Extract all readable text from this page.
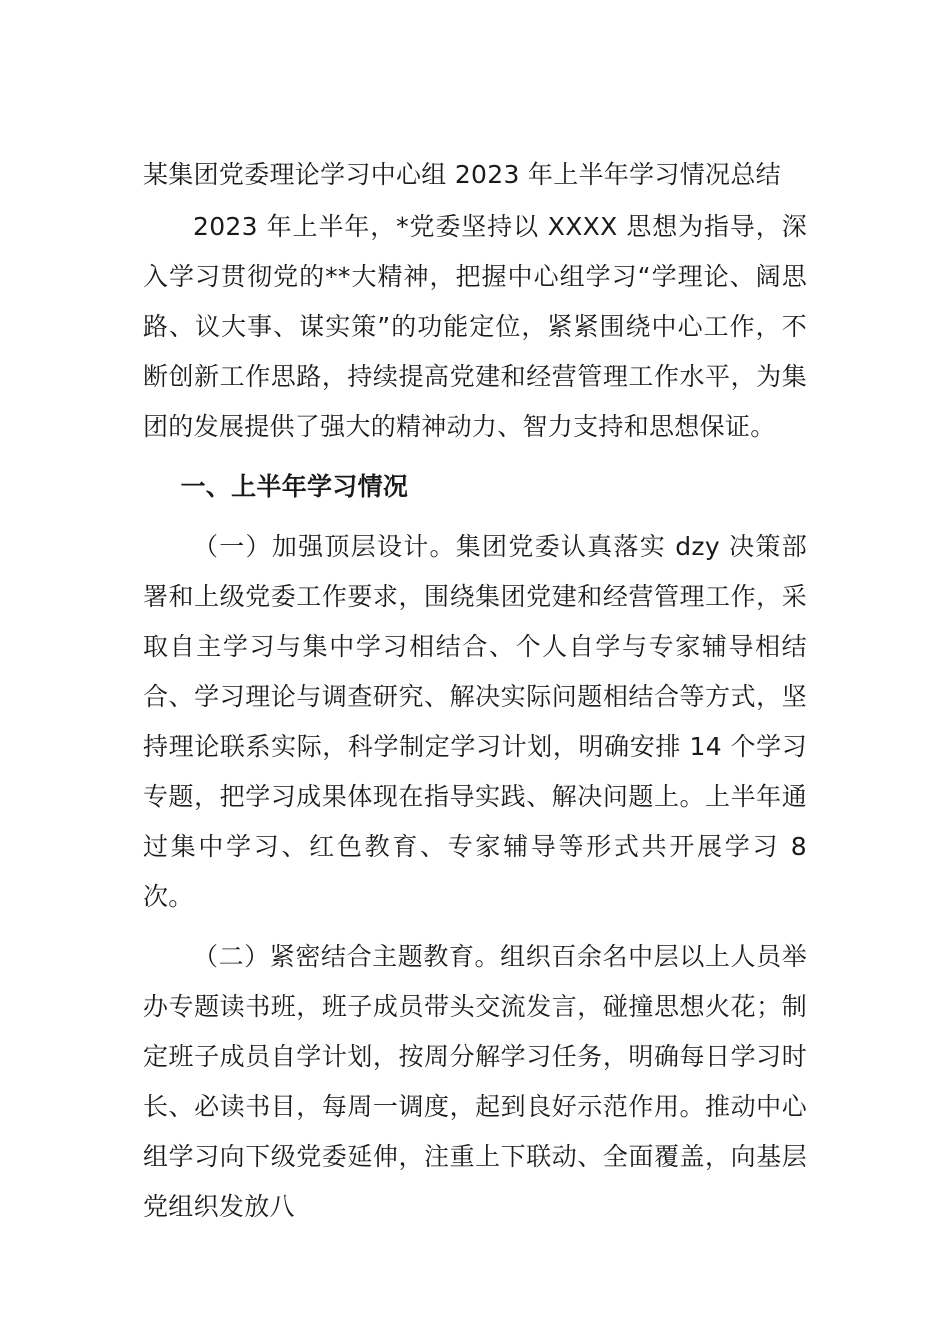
某集团党委理论学习中心组 2023 年上半年学习情况总结

2023 年上半年，*党委坚持以 XXXX 思想为指导，深入学习贯彻党的**大精神，把握中心组学习“学理论、阔思路、议大事、谋实策”的功能定位，紧紧围绕中心工作，不断创新工作思路，持续提高党建和经营管理工作水平，为集团的发展提供了强大的精神动力、智力支持和思想保证。

一、上半年学习情况

（一）加强顶层设计。集团党委认真落实 dzy 决策部署和上级党委工作要求，围绕集团党建和经营管理工作，采取自主学习与集中学习相结合、个人自学与专家辅导相结合、学习理论与调查研究、解决实际问题相结合等方式，坚持理论联系实际，科学制定学习计划，明确安排 14 个学习专题，把学习成果体现在指导实践、解决问题上。上半年通过集中学习、红色教育、专家辅导等形式共开展学习 8 次。

（二）紧密结合主题教育。组织百余名中层以上人员举办专题读书班，班子成员带头交流发言，碰撞思想火花；制定班子成员自学计划，按周分解学习任务，明确每日学习时长、必读书目，每周一调度，起到良好示范作用。推动中心组学习向下级党委延伸，注重上下联动、全面覆盖，向基层党组织发放八
